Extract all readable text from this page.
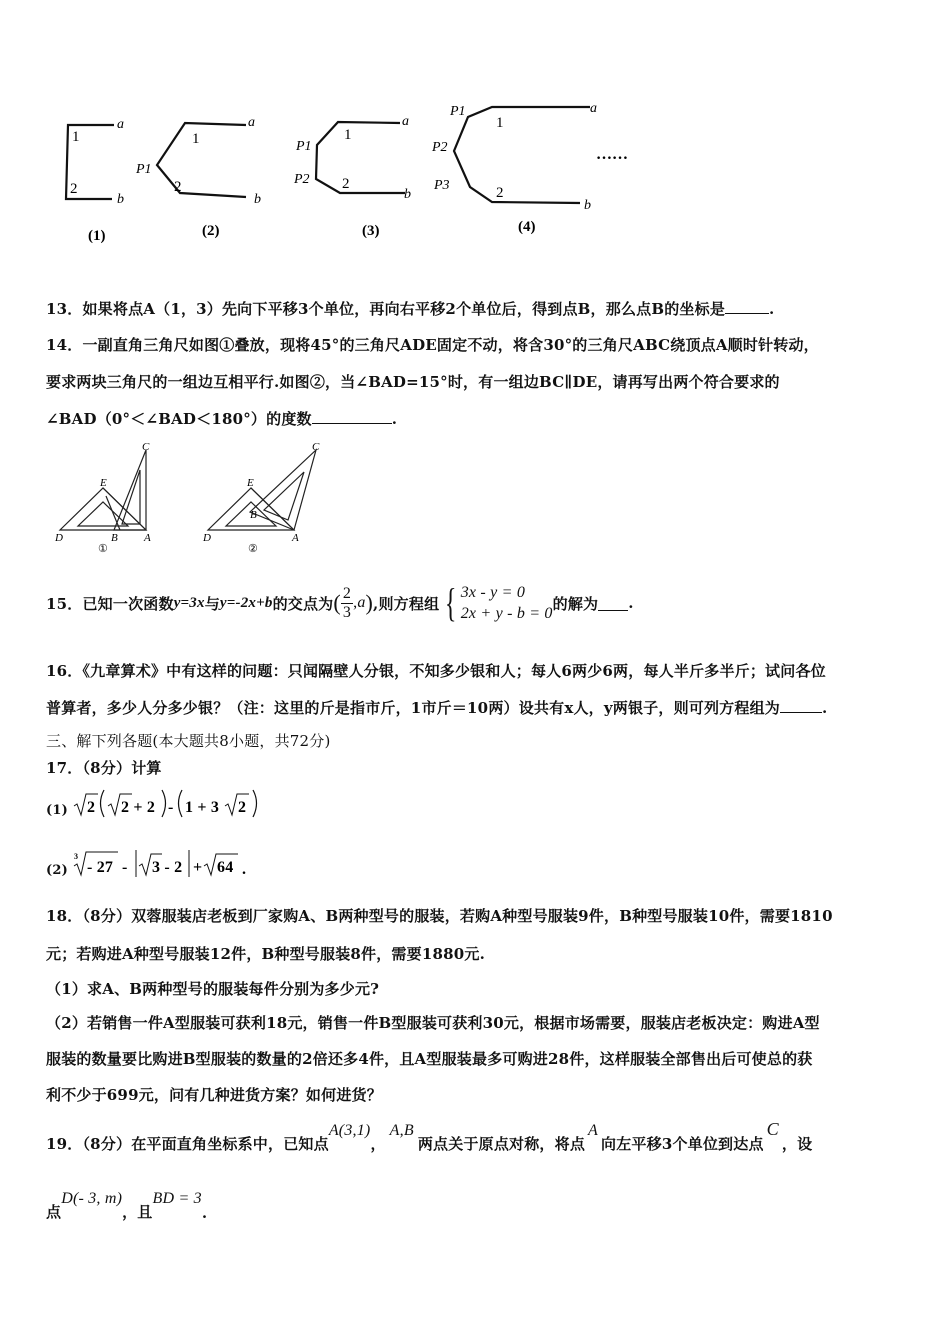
1
2
a
b
1
2
a
b
P1
1
2
a
b
P1
P2
1
2
a
b
P1
P2
P3
……
(1)	(2)	(3)	(4)
13．如果将点A（1，3）先向下平移3个单位，再向右平移2个单位后，得到点B，那么点B的坐标是	.
14．一副直角三角尺如图①叠放，现将45°的三角尺ADE固定不动，将含30°的三角尺ABC绕顶点A顺时针转动，
要求两块三角尺的一组边互相平行.如图②，当∠BAD=15°时，有一组边BC∥DE，请再写出两个符合要求的
∠BAD（0°＜∠BAD＜180°）的度数	.
C
E
D	B A
①
C
E
D
B
A
②
15．已知一次函数 y=3x 与 y=-2x+b 的交点为 ( $\frac{2}{3}$ , a ) ,则方程组 { 3x - y = 0
2x + y - b = 0
的解为 .
16．《九章算术》中有这样的问题：只闻隔壁人分银，不知多少银和人；每人6两少6两，每人半斤多半斤；试问各位
普算者，多少人分多少银？（注：这里的斤是指市斤，1市斤＝10两）设共有x人，y两银子，则可列方程组为	.
三、解下列各题(本大题共8小题，共72分)
17．（8分）计算
(1) 2 2 + 2 - 1 + 3 2
(2)
3
- 27 - 3 - 2 + 64 .
18．（8分）双蓉服装店老板到厂家购A、B两种型号的服装，若购A种型号服装9件，B种型号服装10件，需要1810
元；若购进A种型号服装12件，B种型号服装8件，需要1880元.
（1）求A、B两种型号的服装每件分别为多少元?
（2）若销售一件A型服装可获利18元，销售一件B型服装可获利30元，根据市场需要，服装店老板决定：购进A型
服装的数量要比购进B型服装的数量的2倍还多4件，且A型服装最多可购进28件，这样服装全部售出后可使总的获
利不少于699元，问有几种进货方案？如何进货？
19．（8分）在平面直角坐标系中，已知点
A(3,1)
，
A,B
两点关于原点对称，将点
A
向左平移3个单位到达点
C
，设
点
D(- 3, m)
，且
BD = 3
.
